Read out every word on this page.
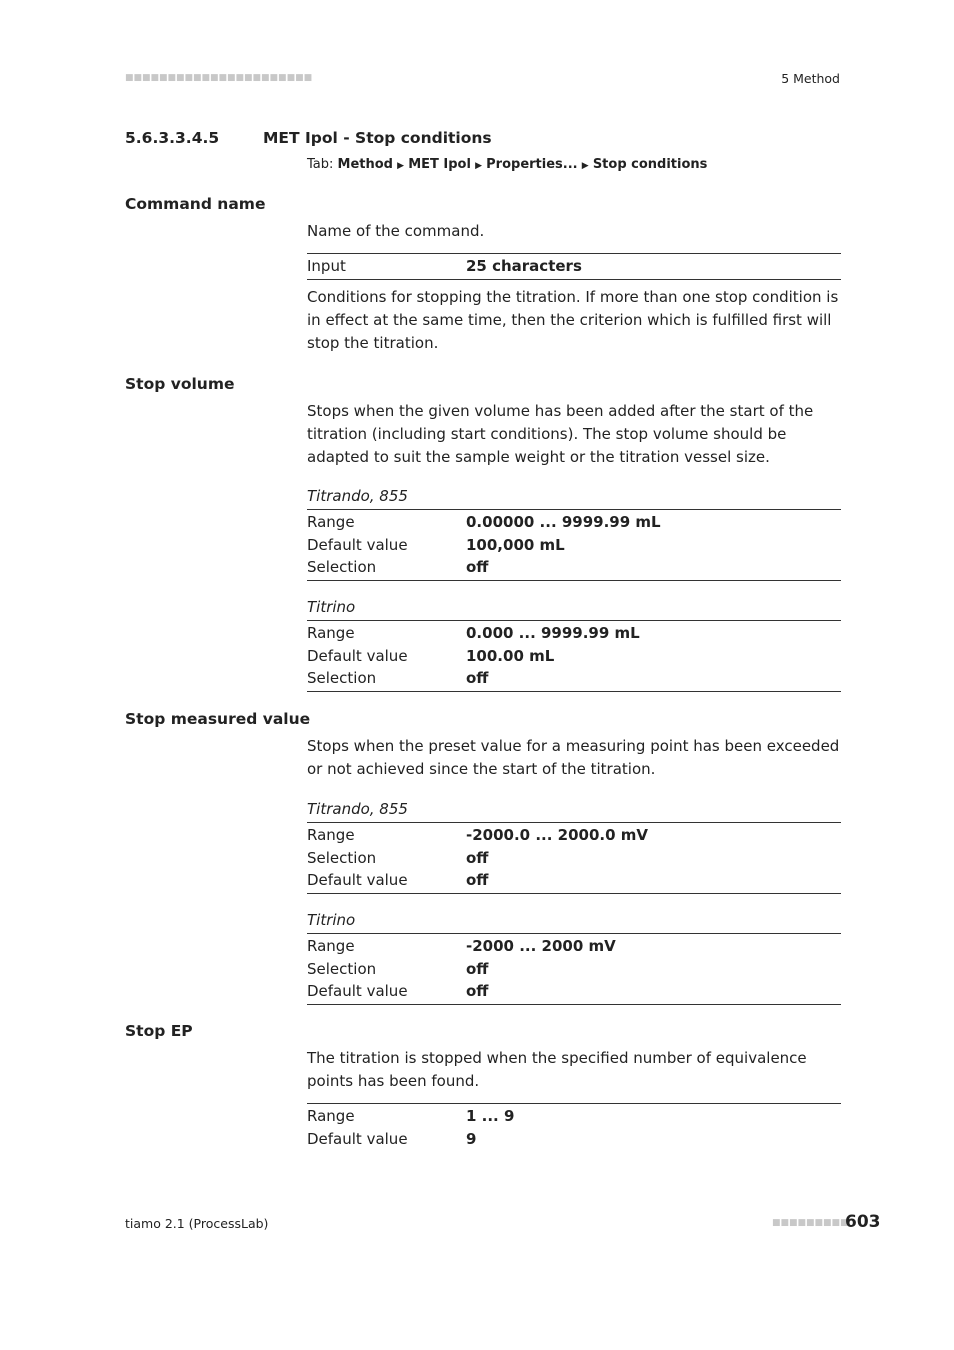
■■■■■■■■■■■■■■■■■■■■■■	5 Method
5.6.3.3.4.5	MET Ipol - Stop conditions
Tab: Method ▶ MET Ipol ▶ Properties... ▶ Stop conditions
Command name
Name of the command.
Input	25 characters
Conditions for stopping the titration. If more than one stop condition is in effect at the same time, then the criterion which is fulfilled first will stop the titration.
Stop volume
Stops when the given volume has been added after the start of the titration (including start conditions). The stop volume should be adapted to suit the sample weight or the titration vessel size.
Titrando, 855
Range	0.00000 ... 9999.99 mL
Default value	100,000 mL
Selection	off
Titrino
Range	0.000 ... 9999.99 mL
Default value	100.00 mL
Selection	off
Stop measured value
Stops when the preset value for a measuring point has been exceeded or not achieved since the start of the titration.
Titrando, 855
Range	-2000.0 ... 2000.0 mV
Selection	off
Default value	off
Titrino
Range	-2000 ... 2000 mV
Selection	off
Default value	off
Stop EP
The titration is stopped when the specified number of equivalence points has been found.
Range	1 ... 9
Default value	9
tiamo 2.1 (ProcessLab)	■■■■■■■■■
603
